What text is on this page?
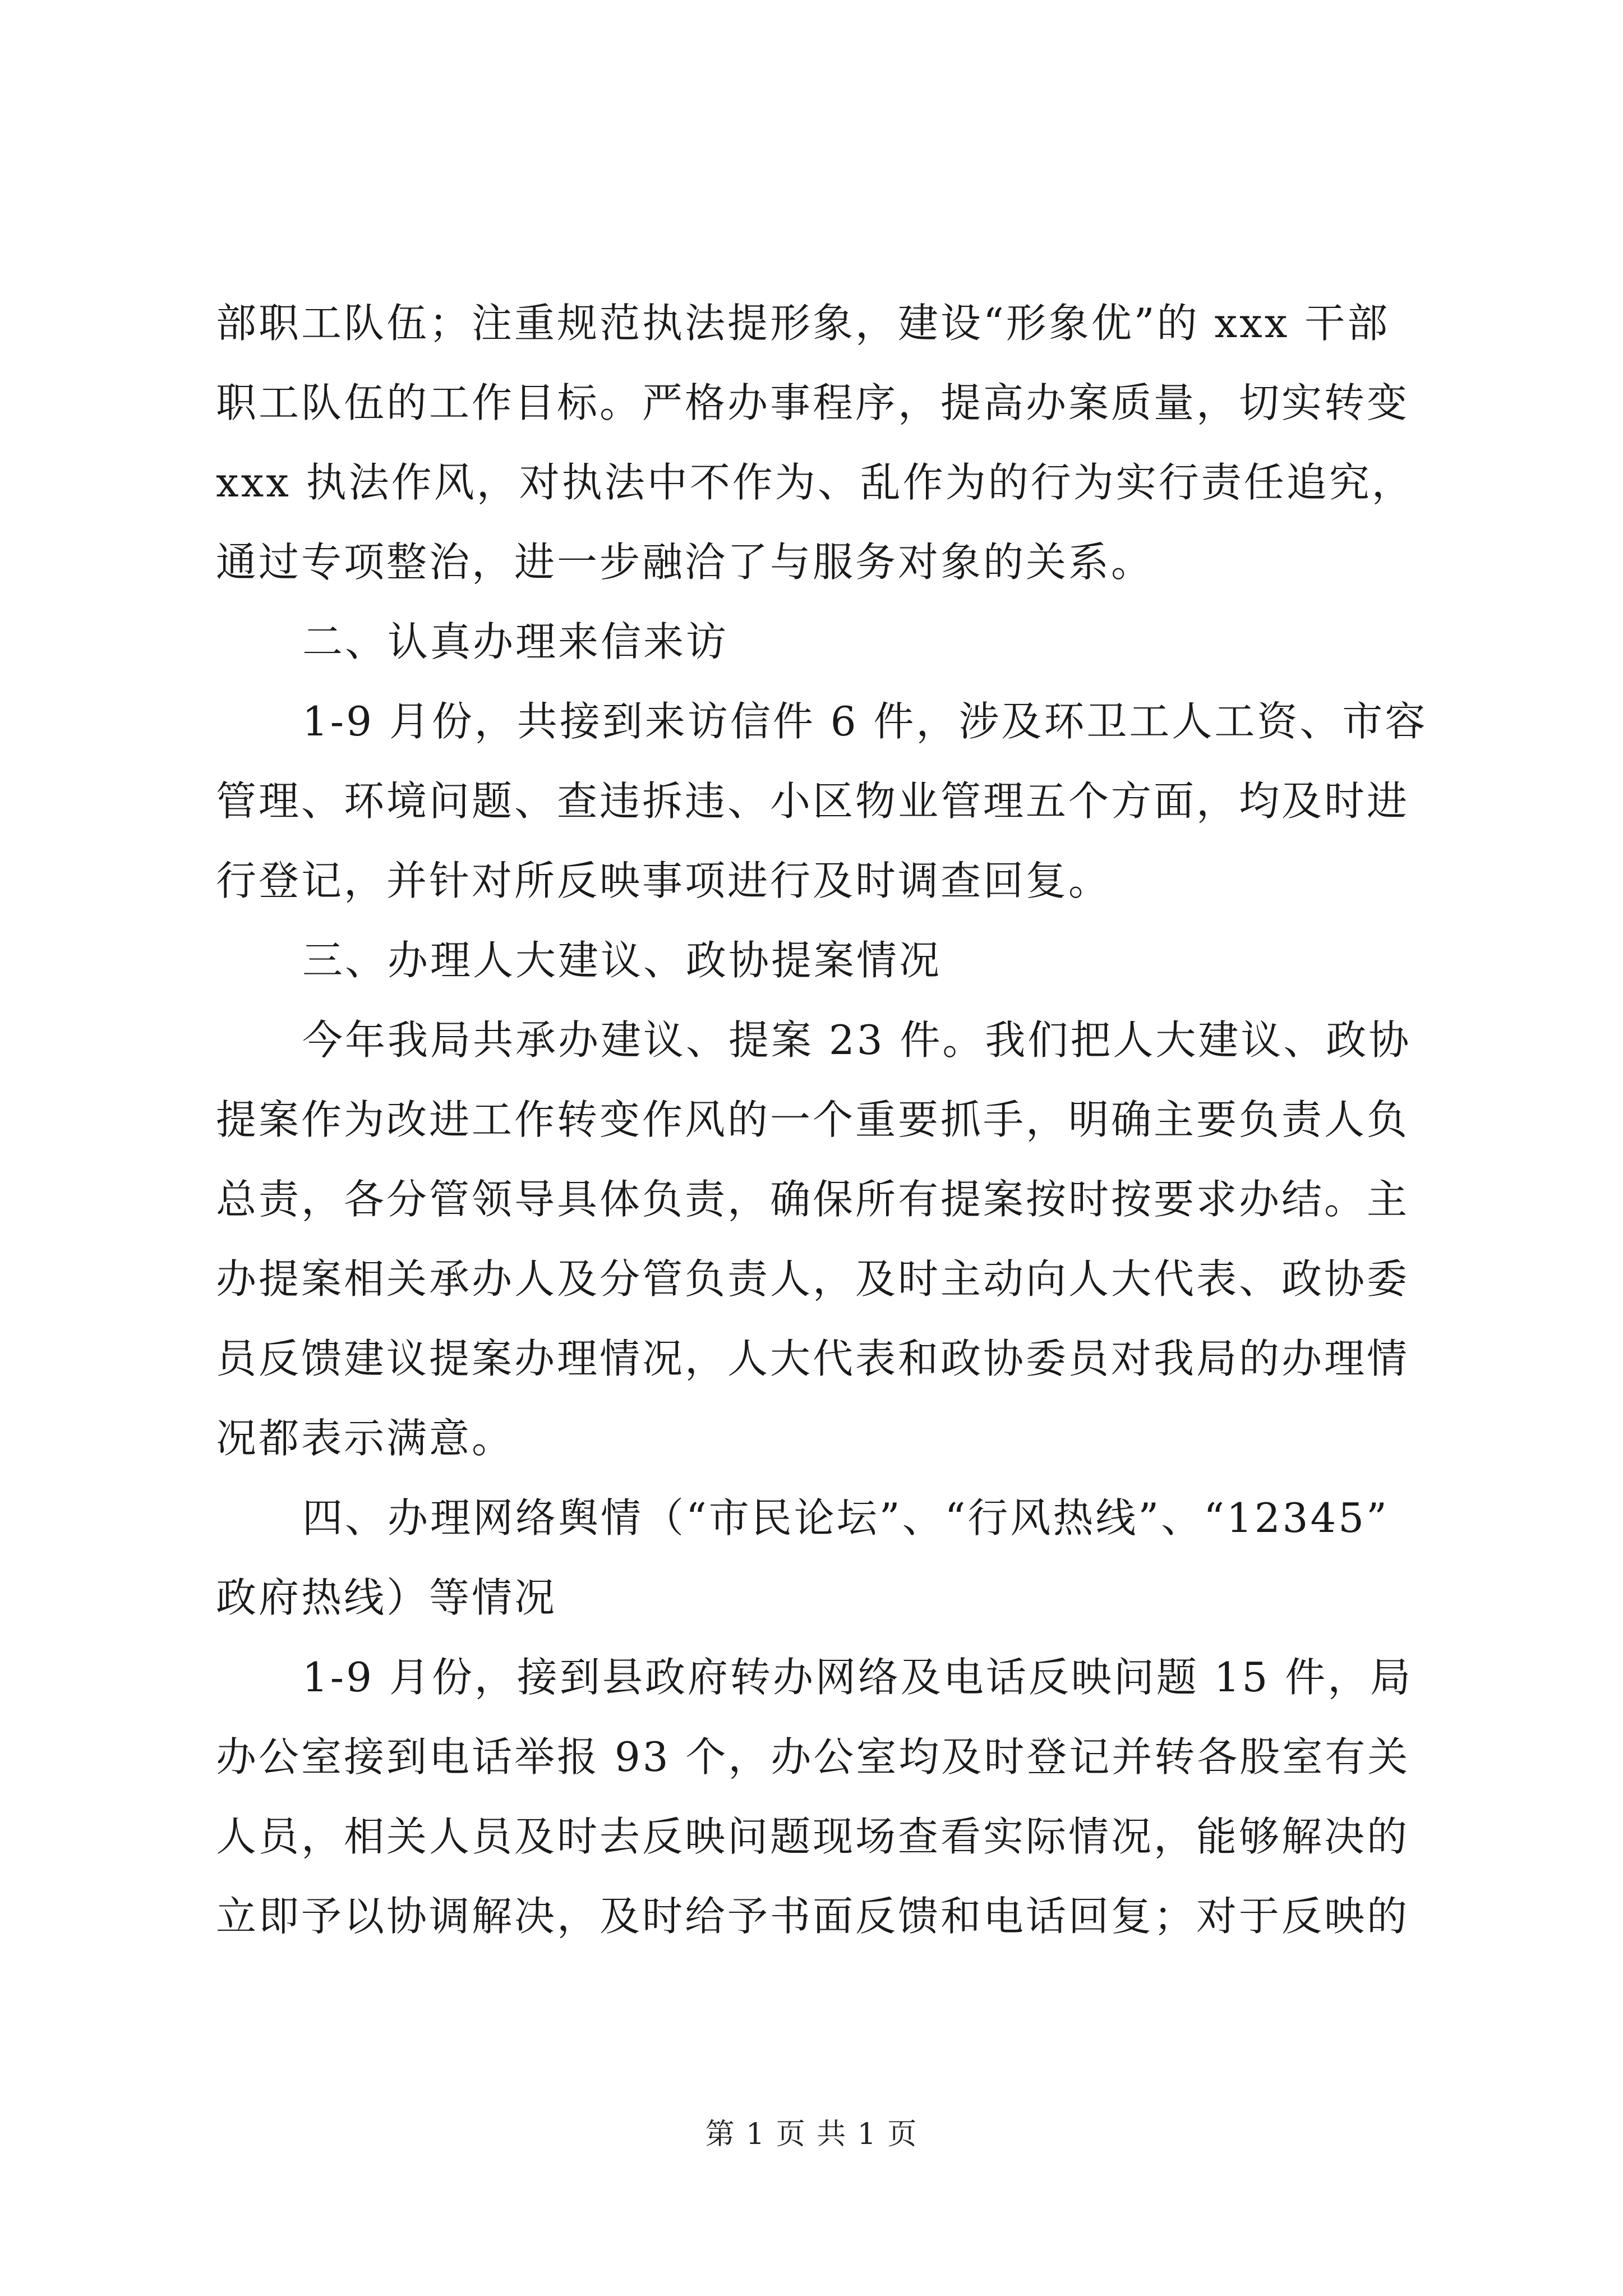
部职工队伍；注重规范执法提形象，建设“形象优”的 xxx 干部
职工队伍的工作目标。严格办事程序，提高办案质量，切实转变
xxx 执法作风，对执法中不作为、乱作为的行为实行责任追究，
通过专项整治，进一步融洽了与服务对象的关系。
二、认真办理来信来访
1-9 月份，共接到来访信件 6 件，涉及环卫工人工资、市容
管理、环境问题、查违拆违、小区物业管理五个方面，均及时进
行登记，并针对所反映事项进行及时调查回复。
三、办理人大建议、政协提案情况
今年我局共承办建议、提案 23 件。我们把人大建议、政协
提案作为改进工作转变作风的一个重要抓手，明确主要负责人负
总责，各分管领导具体负责，确保所有提案按时按要求办结。主
办提案相关承办人及分管负责人，及时主动向人大代表、政协委
员反馈建议提案办理情况，人大代表和政协委员对我局的办理情
况都表示满意。
四、办理网络舆情（“市民论坛”、“行风热线”、“12345”
政府热线）等情况
1-9 月份，接到县政府转办网络及电话反映问题 15 件，局
办公室接到电话举报 93 个，办公室均及时登记并转各股室有关
人员，相关人员及时去反映问题现场查看实际情况，能够解决的
立即予以协调解决，及时给予书面反馈和电话回复；对于反映的
第 1 页 共 1 页
